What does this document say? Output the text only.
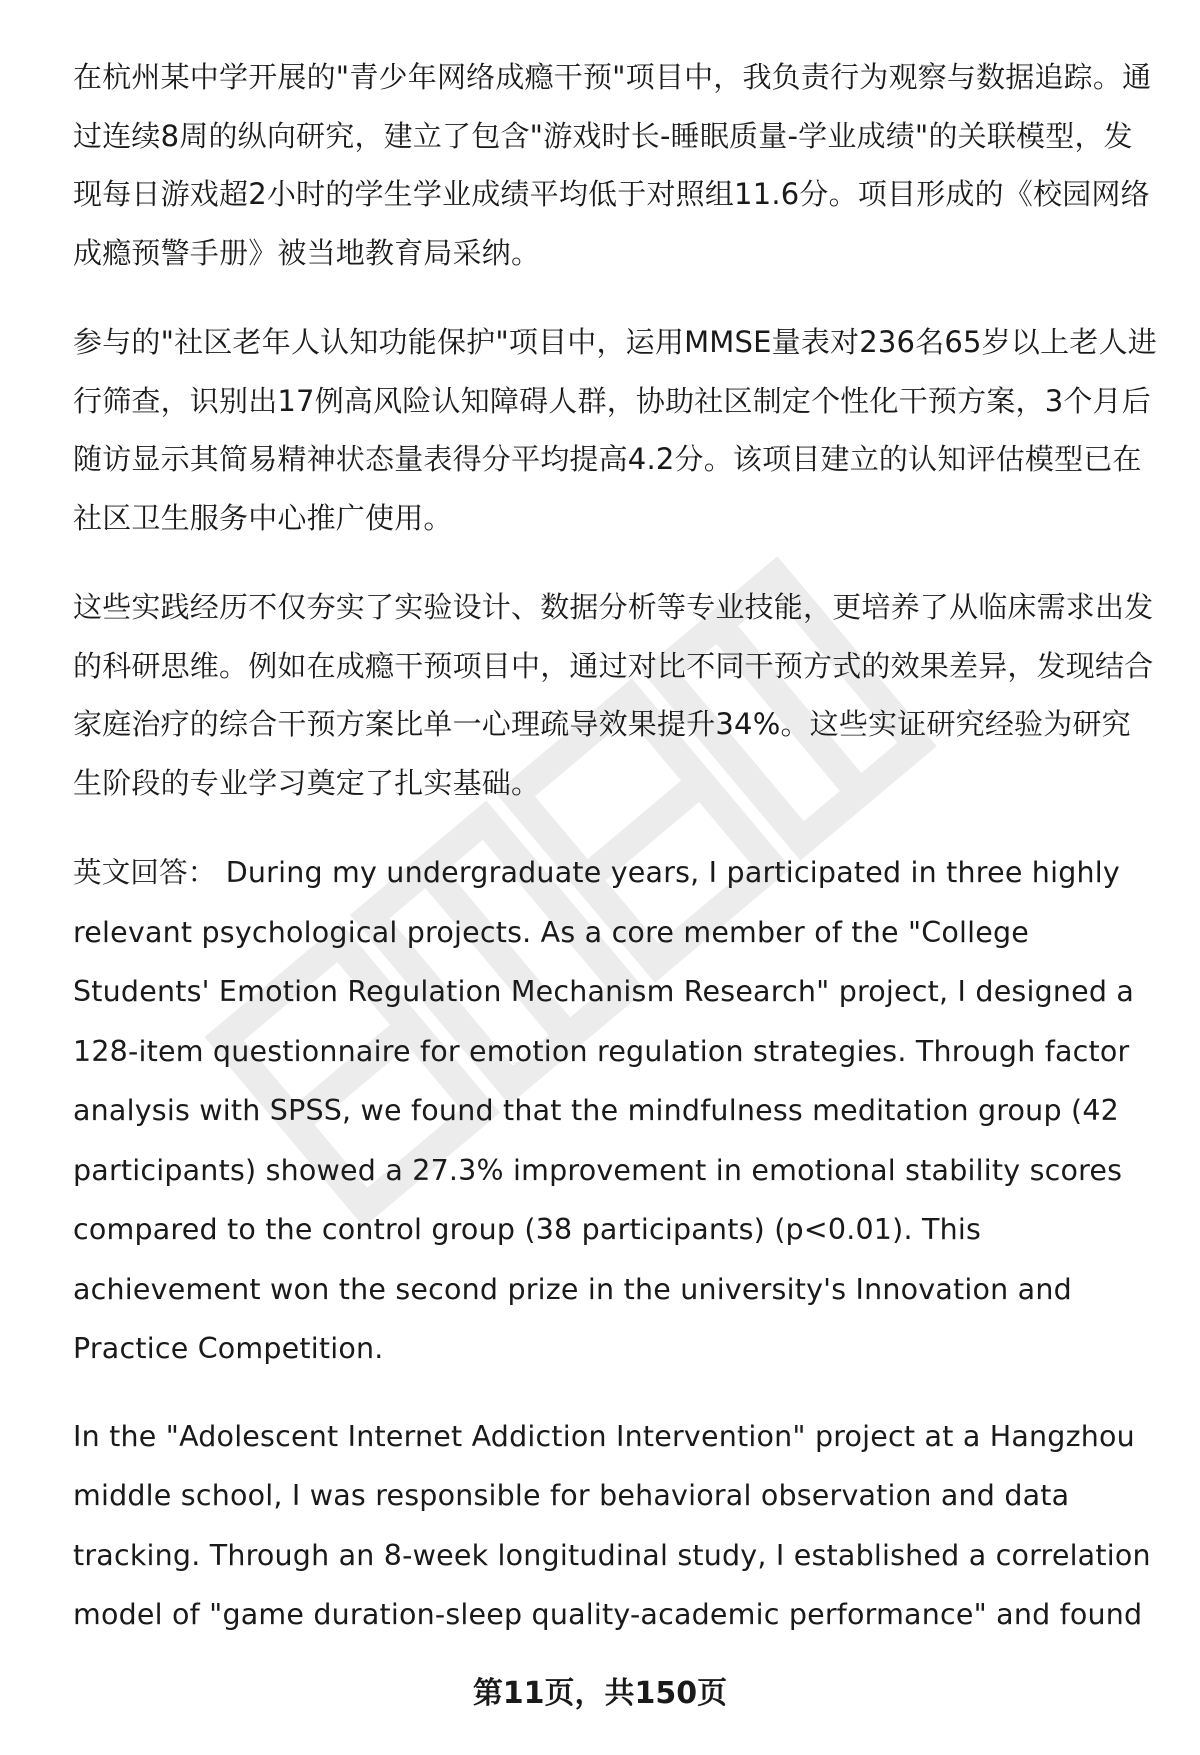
在杭州某中学开展的"青少年网络成瘾干预"项目中，我负责行为观察与数据追踪。通过连续8周的纵向研究，建立了包含"游戏时长-睡眠质量-学业成绩"的关联模型，发现每日游戏超2小时的学生学业成绩平均低于对照组11.6分。项目形成的《校园网络成瘾预警手册》被当地教育局采纳。

参与的"社区老年人认知功能保护"项目中，运用MMSE量表对236名65岁以上老人进行筛查，识别出17例高风险认知障碍人群，协助社区制定个性化干预方案，3个月后随访显示其简易精神状态量表得分平均提高4.2分。该项目建立的认知评估模型已在社区卫生服务中心推广使用。

这些实践经历不仅夯实了实验设计、数据分析等专业技能，更培养了从临床需求出发的科研思维。例如在成瘾干预项目中，通过对比不同干预方式的效果差异，发现结合家庭治疗的综合干预方案比单一心理疏导效果提升34%。这些实证研究经验为研究生阶段的专业学习奠定了扎实基础。

英文回答： During my undergraduate years, I participated in three highly relevant psychological projects. As a core member of the "College Students' Emotion Regulation Mechanism Research" project, I designed a 128-item questionnaire for emotion regulation strategies. Through factor analysis with SPSS, we found that the mindfulness meditation group (42 participants) showed a 27.3% improvement in emotional stability scores compared to the control group (38 participants) (p<0.01). This achievement won the second prize in the university's Innovation and Practice Competition.

In the "Adolescent Internet Addiction Intervention" project at a Hangzhou middle school, I was responsible for behavioral observation and data tracking. Through an 8-week longitudinal study, I established a correlation model of "game duration-sleep quality-academic performance" and found

第11页，共150页
